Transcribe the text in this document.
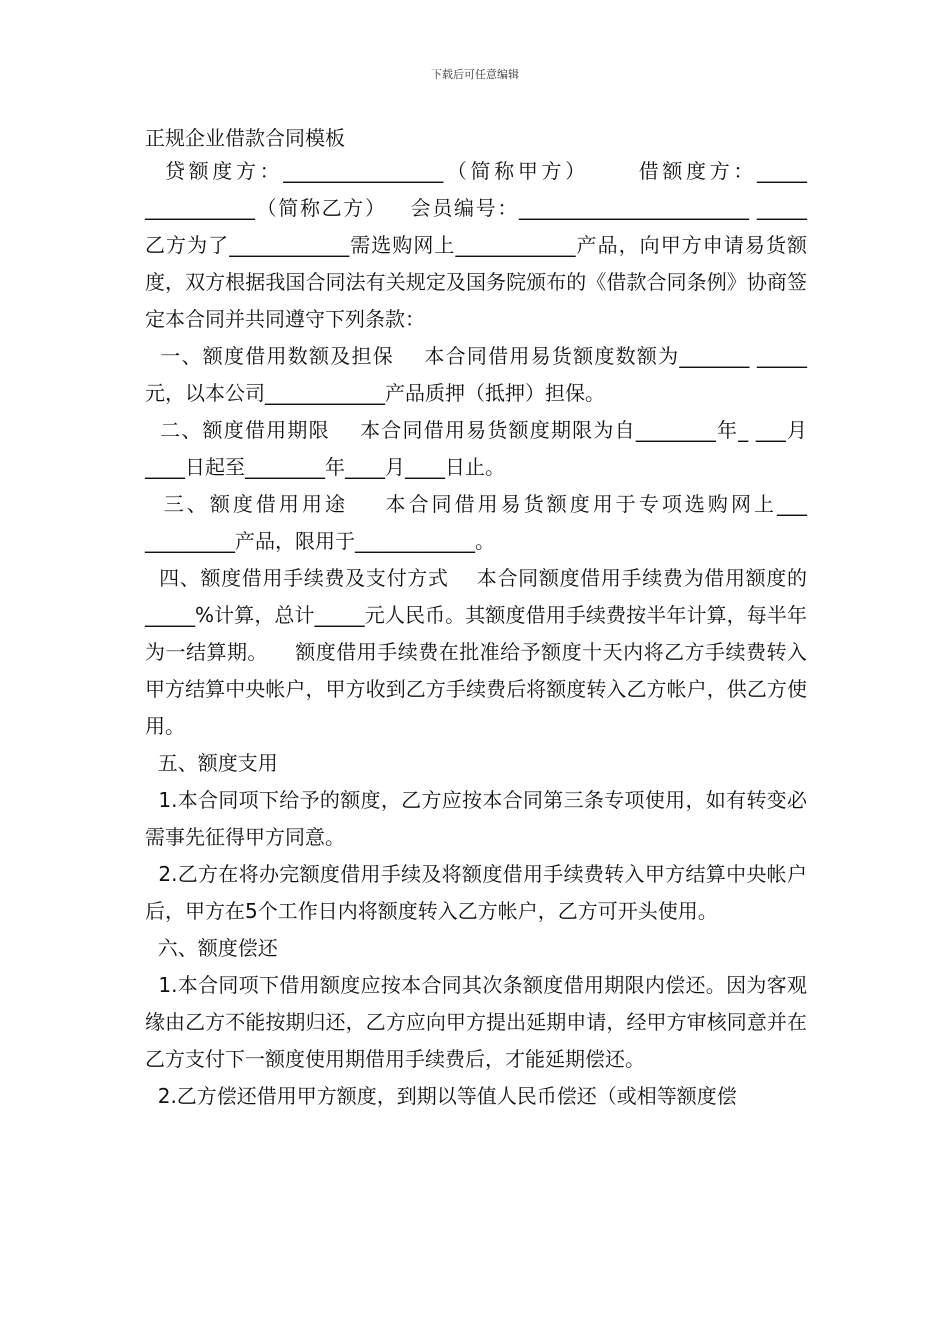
下载后可任意编辑
正规企业借款合同模板

贷额度方：________________（简称甲方）     借额度方：_____ ___________（简称乙方）   会员编号：_______________________ _____    乙方为了____________需选购网上____________产品，向甲方申请易货额度，双方根据我国合同法有关规定及国务院颁布的《借款合同条例》协商签定本合同并共同遵守下列条款：

一、额度借用数额及担保    本合同借用易货额度数额为_______ _____元，以本公司____________产品质押（抵押）担保。

二、额度借用期限    本合同借用易货额度期限为自________年_ ___月____日起至________年____月____日止。

三、额度借用用途    本合同借用易货额度用于专项选购网上___ _________产品，限用于____________。

四、额度借用手续费及支付方式    本合同额度借用手续费为借用额度的_____%计算，总计_____元人民币。其额度借用手续费按半年计算，每半年为一结算期。    额度借用手续费在批准给予额度十天内将乙方手续费转入甲方结算中央帐户，甲方收到乙方手续费后将额度转入乙方帐户，供乙方使用。

五、额度支用

1.本合同项下给予的额度，乙方应按本合同第三条专项使用，如有转变必需事先征得甲方同意。

2.乙方在将办完额度借用手续及将额度借用手续费转入甲方结算中央帐户后，甲方在5个工作日内将额度转入乙方帐户，乙方可开头使用。

六、额度偿还

1.本合同项下借用额度应按本合同其次条额度借用期限内偿还。因为客观缘由乙方不能按期归还，乙方应向甲方提出延期申请，经甲方审核同意并在乙方支付下一额度使用期借用手续费后，才能延期偿还。

2.乙方偿还借用甲方额度，到期以等值人民币偿还（或相等额度偿
